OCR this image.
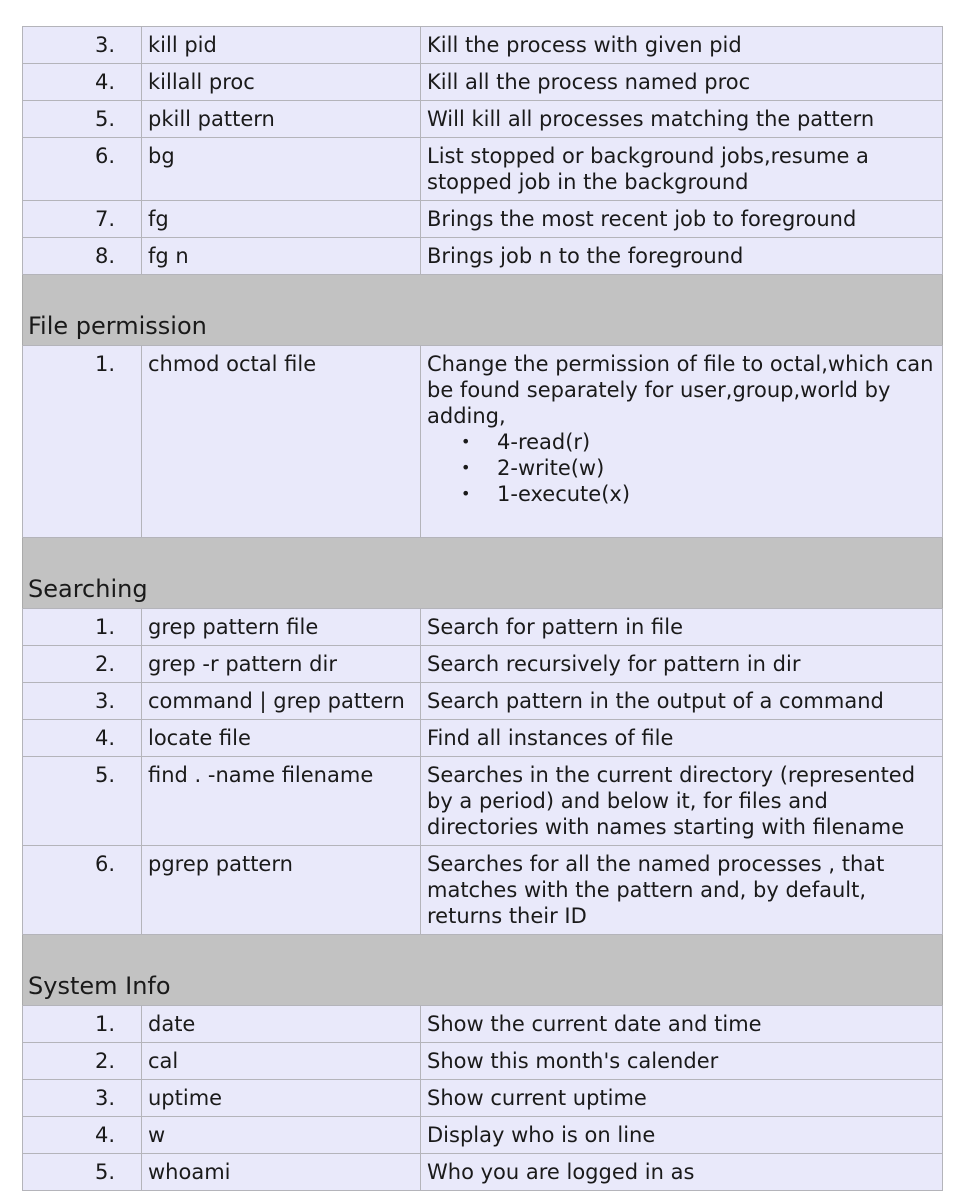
3.	kill pid	Kill the process with given pid

4.	killall proc	Kill all the process named proc

5.	pkill pattern	Will kill all processes matching the pattern

6.	bg	List stopped or background jobs,resume a stopped job in the background

7.	fg	Brings the most recent job to foreground

8.	fg n	Brings job n to the foreground
File permission
1.	chmod octal file	Change the permission of file to octal,which can be found separately for user,group,world by adding,
• 4-read(r)
• 2-write(w)
• 1-execute(x)
Searching
1.	grep pattern file	Search for pattern in file

2.	grep -r pattern dir	Search recursively for pattern in dir

3.	command | grep pattern	Search pattern in the output of a command

4.	locate file	Find all instances of file

5.	find . -name filename	Searches in the current directory (represented by a period) and below it, for files and directories with names starting with filename

6.	pgrep pattern	Searches for all the named processes , that matches with the pattern and, by default, returns their ID
System Info
1.	date	Show the current date and time

2.	cal	Show this month's calender

3.	uptime	Show current uptime

4.	w	Display who is on line

5.	whoami	Who you are logged in as
